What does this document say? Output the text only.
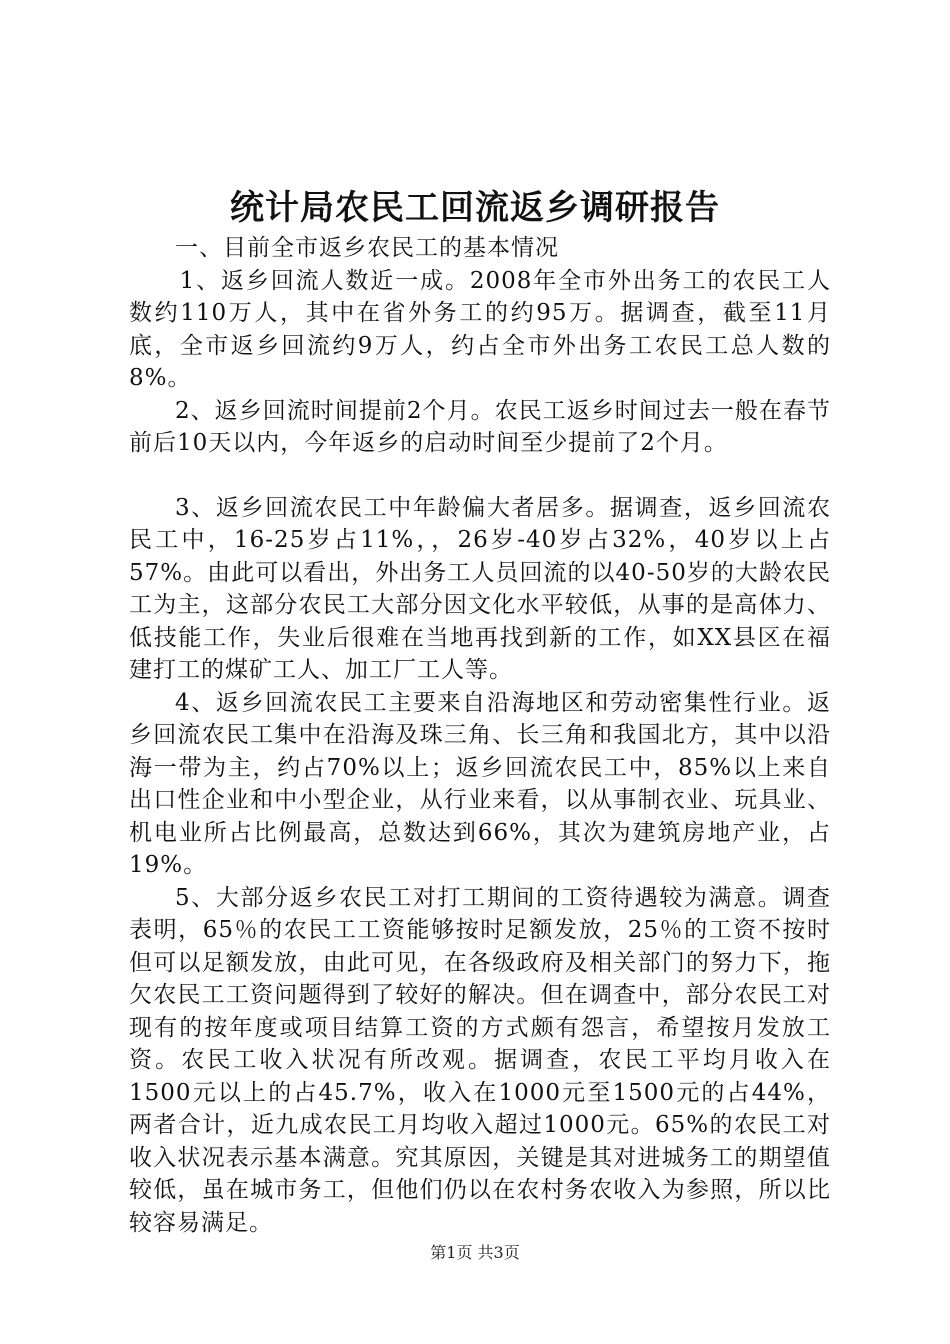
统计局农民工回流返乡调研报告

一、目前全市返乡农民工的基本情况

1、返乡回流人数近一成。2008年全市外出务工的农民工人数约110万人，其中在省外务工的约95万。据调查，截至11月底，全市返乡回流约9万人，约占全市外出务工农民工总人数的8%。

2、返乡回流时间提前2个月。农民工返乡时间过去一般在春节前后10天以内，今年返乡的启动时间至少提前了2个月。

3、返乡回流农民工中年龄偏大者居多。据调查，返乡回流农民工中，16-25岁占11%，，26岁-40岁占32%，40岁以上占57%。由此可以看出，外出务工人员回流的以40-50岁的大龄农民工为主，这部分农民工大部分因文化水平较低，从事的是高体力、低技能工作，失业后很难在当地再找到新的工作，如XX县区在福建打工的煤矿工人、加工厂工人等。

4、返乡回流农民工主要来自沿海地区和劳动密集性行业。返乡回流农民工集中在沿海及珠三角、长三角和我国北方，其中以沿海一带为主，约占70%以上；返乡回流农民工中，85%以上来自出口性企业和中小型企业，从行业来看，以从事制衣业、玩具业、机电业所占比例最高，总数达到66%，其次为建筑房地产业，占19%。

5、大部分返乡农民工对打工期间的工资待遇较为满意。调查表明，65％的农民工工资能够按时足额发放，25％的工资不按时但可以足额发放，由此可见，在各级政府及相关部门的努力下，拖欠农民工工资问题得到了较好的解决。但在调查中，部分农民工对现有的按年度或项目结算工资的方式颇有怨言，希望按月发放工资。农民工收入状况有所改观。据调查，农民工平均月收入在1500元以上的占45.7%，收入在1000元至1500元的占44%，两者合计，近九成农民工月均收入超过1000元。65%的农民工对收入状况表示基本满意。究其原因，关键是其对进城务工的期望值较低，虽在城市务工，但他们仍以在农村务农收入为参照，所以比较容易满足。

第1页 共3页
